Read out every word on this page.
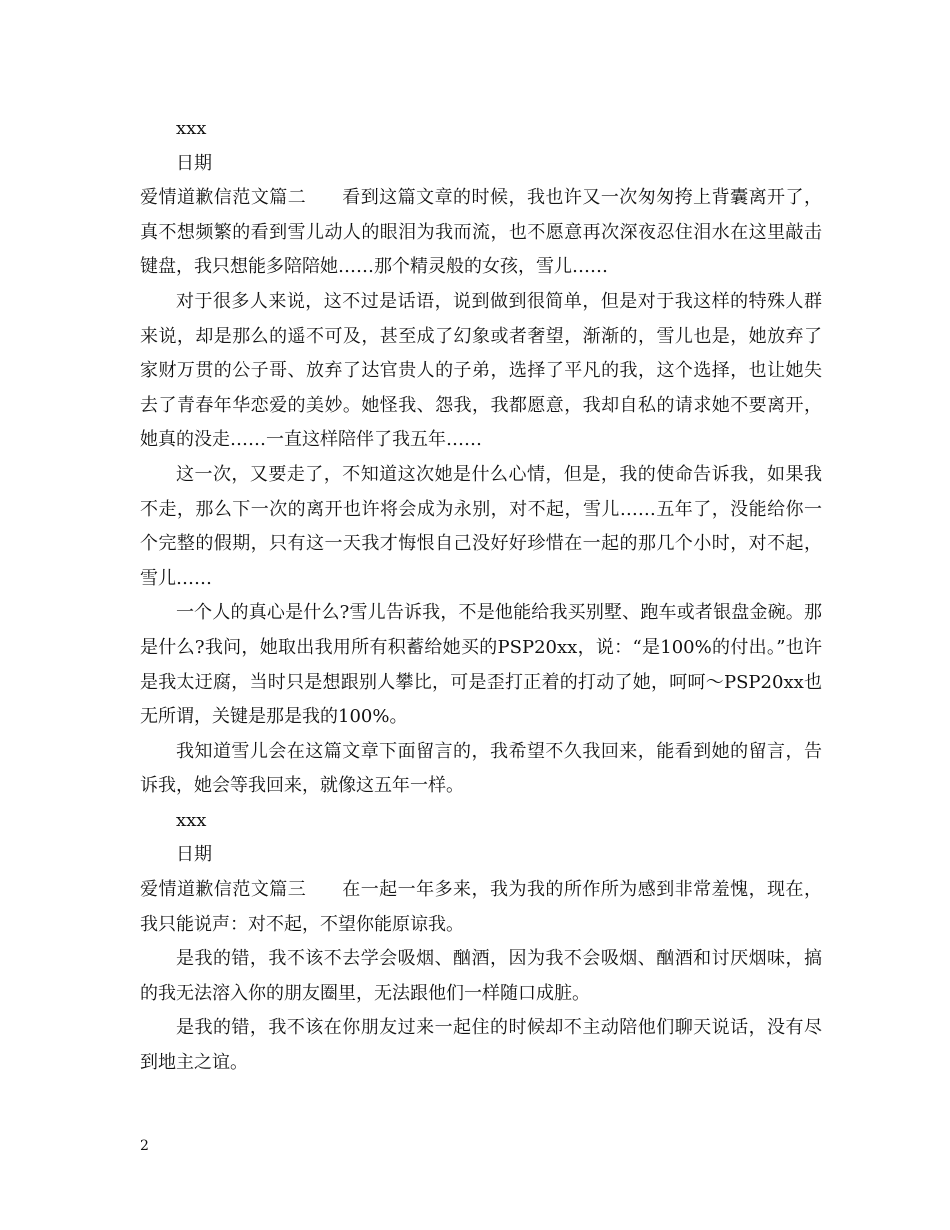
xxx

日期

爱情道歉信范文篇二 看到这篇文章的时候，我也许又一次匆匆挎上背囊离开了，真不想频繁的看到雪儿动人的眼泪为我而流，也不愿意再次深夜忍住泪水在这里敲击键盘，我只想能多陪陪她……那个精灵般的女孩，雪儿……

对于很多人来说，这不过是话语，说到做到很简单，但是对于我这样的特殊人群来说，却是那么的遥不可及，甚至成了幻象或者奢望，渐渐的，雪儿也是，她放弃了家财万贯的公子哥、放弃了达官贵人的子弟，选择了平凡的我，这个选择，也让她失去了青春年华恋爱的美妙。她怪我、怨我，我都愿意，我却自私的请求她不要离开，她真的没走……一直这样陪伴了我五年……

这一次，又要走了，不知道这次她是什么心情，但是，我的使命告诉我，如果我不走，那么下一次的离开也许将会成为永别，对不起，雪儿……五年了，没能给你一个完整的假期，只有这一天我才悔恨自己没好好珍惜在一起的那几个小时，对不起，雪儿……

一个人的真心是什么?雪儿告诉我，不是他能给我买别墅、跑车或者银盘金碗。那是什么?我问，她取出我用所有积蓄给她买的PSP20xx，说：“是100%的付出。”也许是我太迂腐，当时只是想跟别人攀比，可是歪打正着的打动了她，呵呵～PSP20xx也无所谓，关键是那是我的100%。

我知道雪儿会在这篇文章下面留言的，我希望不久我回来，能看到她的留言，告诉我，她会等我回来，就像这五年一样。

xxx

日期

爱情道歉信范文篇三 在一起一年多来，我为我的所作所为感到非常羞愧，现在，我只能说声：对不起，不望你能原谅我。

是我的错，我不该不去学会吸烟、酗酒，因为我不会吸烟、酗酒和讨厌烟味，搞的我无法溶入你的朋友圈里，无法跟他们一样随口成脏。

是我的错，我不该在你朋友过来一起住的时候却不主动陪他们聊天说话，没有尽到地主之谊。

2
